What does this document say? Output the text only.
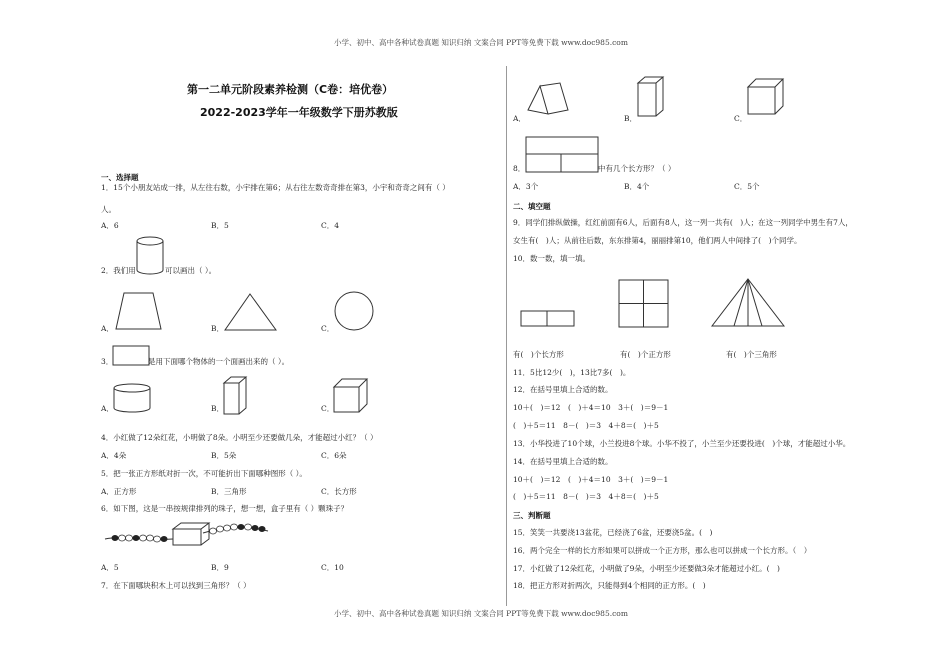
小学、初中、高中各种试卷真题 知识归纳 文案合同 PPT等免费下载 www.doc985.com
第一二单元阶段素养检测（C卷：培优卷）
2022-2023学年一年级数学下册苏教版
一、选择题
1．15个小朋友站成一排，从左往右数，小宇排在第6；从右往左数奇奇排在第3，小宇和奇奇之间有（ ）
人。
A．6	B．5	C．4
2．我们用	可以画出（ ）。
A．	B．	C．
3．	是用下面哪个物体的一个面画出来的（ ）。
A．	B．	C．
4．小红做了12朵红花，小明做了8朵。小明至少还要做几朵，才能超过小红？（ ）
A．4朵	B．5朵	C．6朵
5．把一张正方形纸对折一次，不可能折出下面哪种图形（ ）。
A．正方形	B．三角形	C．长方形
6．如下图，这是一串按规律排列的珠子，想一想，盒子里有（ ）颗珠子？
A．5	B．9	C．10
7．在下面哪块积木上可以找到三角形？（ ）
A．	B．	C．
8．	中有几个长方形？（ ）
A．3个	B．4个	C．5个
二、填空题
9．同学们排纵做操，红红前面有6人，后面有8人，这一列一共有(　)人；在这一列同学中男生有7人，
女生有(　)人；从前往后数，东东排第4，丽丽排第10，他们两人中间排了(　)个同学。
10．数一数，填一填。
有(　)个长方形	有(　)个正方形	有(　)个三角形
11．5比12少(　)，13比7多(　)。
12．在括号里填上合适的数。
10＋(　)＝12　(　)＋4＝10　3＋(　)＝9－1
(　)＋5＝11　8－(　)＝3　4＋8＝(　)＋5
13．小华投进了10个球，小兰投进8个球。小华不投了，小兰至少还要投进(　)个球，才能超过小华。
14．在括号里填上合适的数。
10＋(　)＝12　(　)＋4＝10　3＋(　)＝9－1
(　)＋5＝11　8－(　)＝3　4＋8＝(　)＋5
三、判断题
15．笑笑一共要浇13盆花，已经浇了6盆，还要浇5盆。(　)
16．两个完全一样的长方形如果可以拼成一个正方形，那么也可以拼成一个长方形。（　）
17．小红做了12朵红花，小明做了9朵，小明至少还要做3朵才能超过小红。(　)
18．把正方形对折两次，只能得到4个相同的正方形。(　)
小学、初中、高中各种试卷真题 知识归纳 文案合同 PPT等免费下载 www.doc985.com
